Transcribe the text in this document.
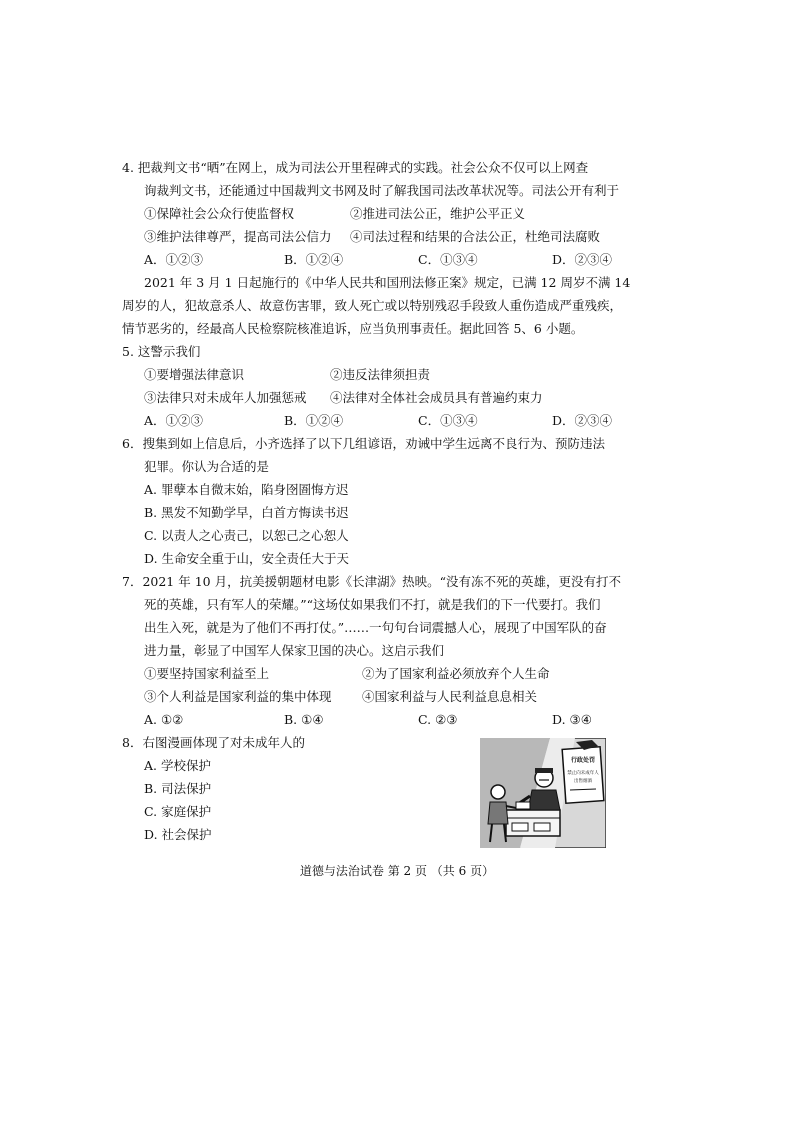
4. 把裁判文书“晒”在网上，成为司法公开里程碑式的实践。社会公众不仅可以上网查
询裁判文书，还能通过中国裁判文书网及时了解我国司法改革状况等。司法公开有利于
①保障社会公众行使监督权	②推进司法公正，维护公平正义
③维护法律尊严，提高司法公信力 ④司法过程和结果的合法公正，杜绝司法腐败
A．①②③	B．①②④	C．①③④	D．②③④
2021 年 3 月 1 日起施行的《中华人民共和国刑法修正案》规定，已满 12 周岁不满 14
周岁的人，犯故意杀人、故意伤害罪，致人死亡或以特别残忍手段致人重伤造成严重残疾，
情节恶劣的，经最高人民检察院核准追诉，应当负刑事责任。据此回答 5、6 小题。
5. 这警示我们
①要增强法律意识	②违反法律须担责
③法律只对未成年人加强惩戒 ④法律对全体社会成员具有普遍约束力
A．①②③	B．①②④	C．①③④	D．②③④
6．搜集到如上信息后，小齐选择了以下几组谚语，劝诫中学生远离不良行为、预防违法
犯罪。你认为合适的是
A. 罪孽本自微末始，陷身囹圄悔方迟
B. 黑发不知勤学早，白首方悔读书迟
C. 以责人之心责己，以恕己之心恕人
D. 生命安全重于山，安全责任大于天
7．2021 年 10 月，抗美援朝题材电影《长津湖》热映。“没有冻不死的英雄，更没有打不
死的英雄，只有军人的荣耀。”“这场仗如果我们不打，就是我们的下一代要打。我们
出生入死，就是为了他们不再打仗。”……一句句台词震撼人心，展现了中国军队的奋
进力量，彰显了中国军人保家卫国的决心。这启示我们
①要坚持国家利益至上	②为了国家利益必须放弃个人生命
③个人利益是国家利益的集中体现 ④国家利益与人民利益息息相关
A. ①②	B. ①④	C. ②③	D. ③④
8．右图漫画体现了对未成年人的
A. 学校保护
B. 司法保护
C. 家庭保护
D. 社会保护
行政处罚
禁止向未成年人
出售烟酒
道德与法治试卷 第 2 页 （共 6 页）
